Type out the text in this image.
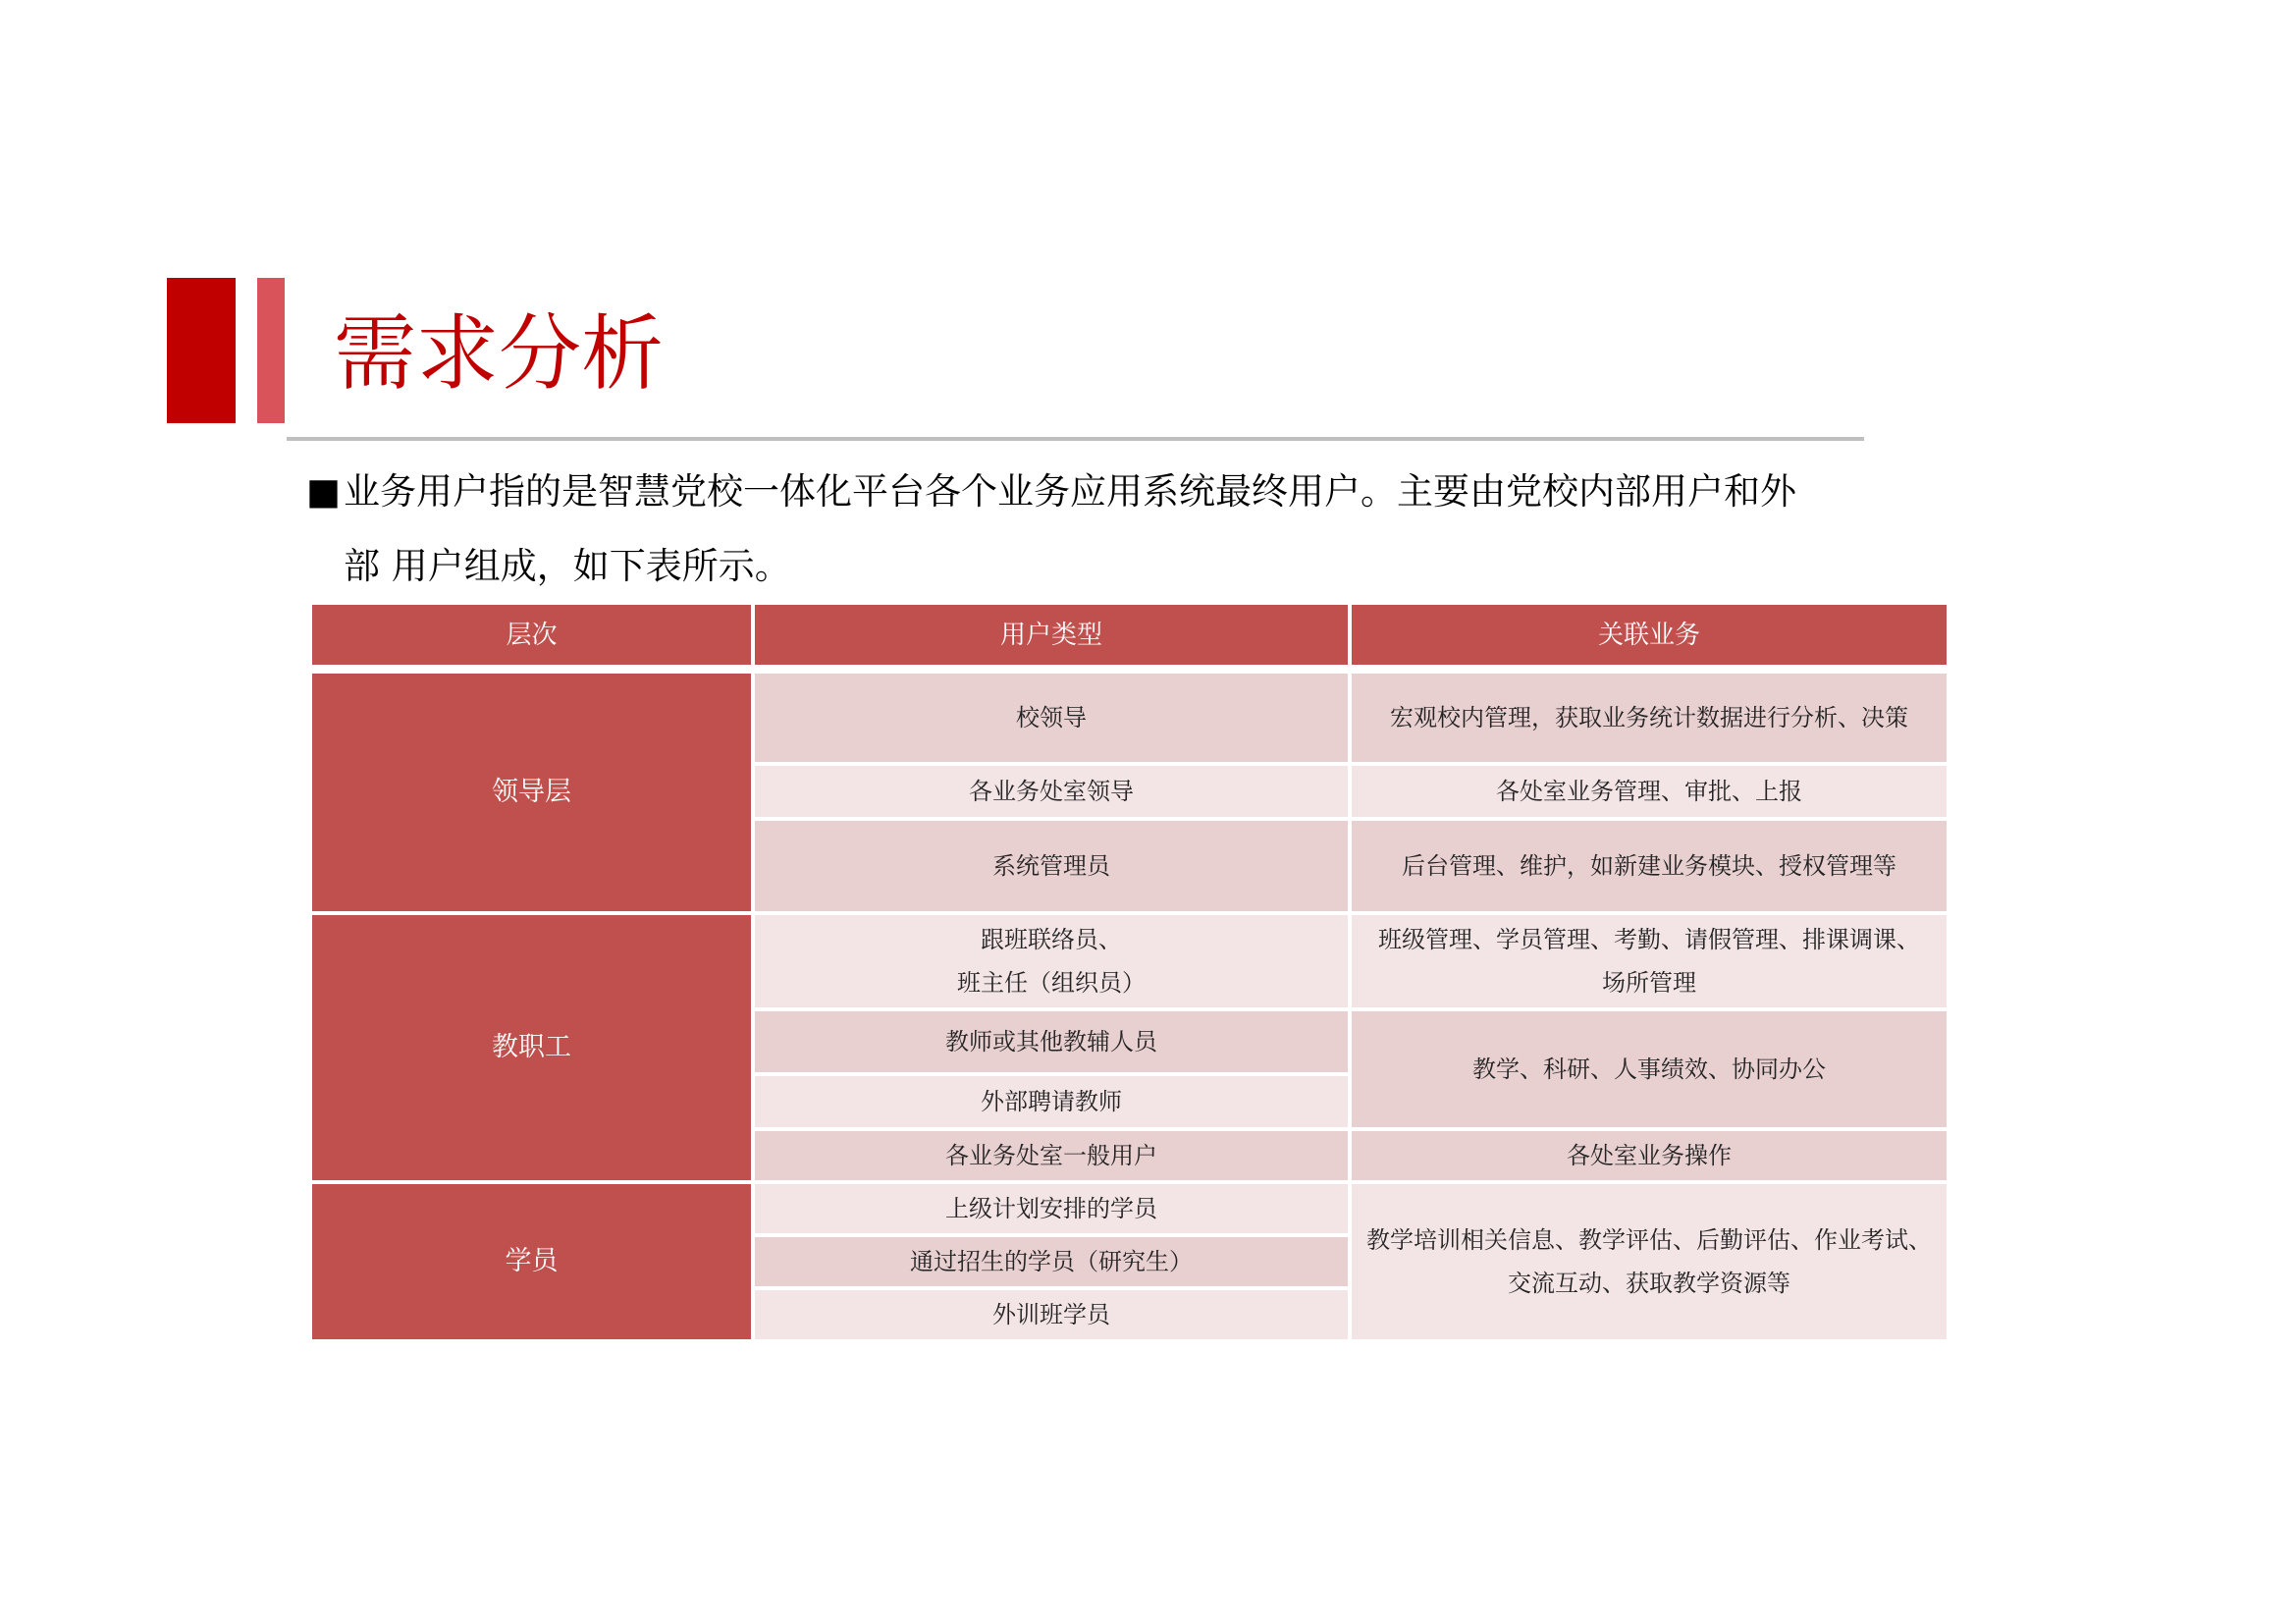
需求分析
■业务用户指的是智慧党校一体化平台各个业务应用系统最终用户。主要由党校内部用户和外
部 用户组成，如下表所示。
层次	用户类型	关联业务
领导层
教职工
学员
校领导
各业务处室领导
系统管理员
跟班联络员、
班主任（组织员）
教师或其他教辅人员
外部聘请教师
各业务处室一般用户
上级计划安排的学员
通过招生的学员（研究生）
外训班学员
宏观校内管理，获取业务统计数据进行分析、决策
各处室业务管理、审批、上报
后台管理、维护，如新建业务模块、授权管理等
班级管理、学员管理、考勤、请假管理、排课调课、
场所管理
教学、科研、人事绩效、协同办公
各处室业务操作
教学培训相关信息、教学评估、后勤评估、作业考试、
交流互动、获取教学资源等
